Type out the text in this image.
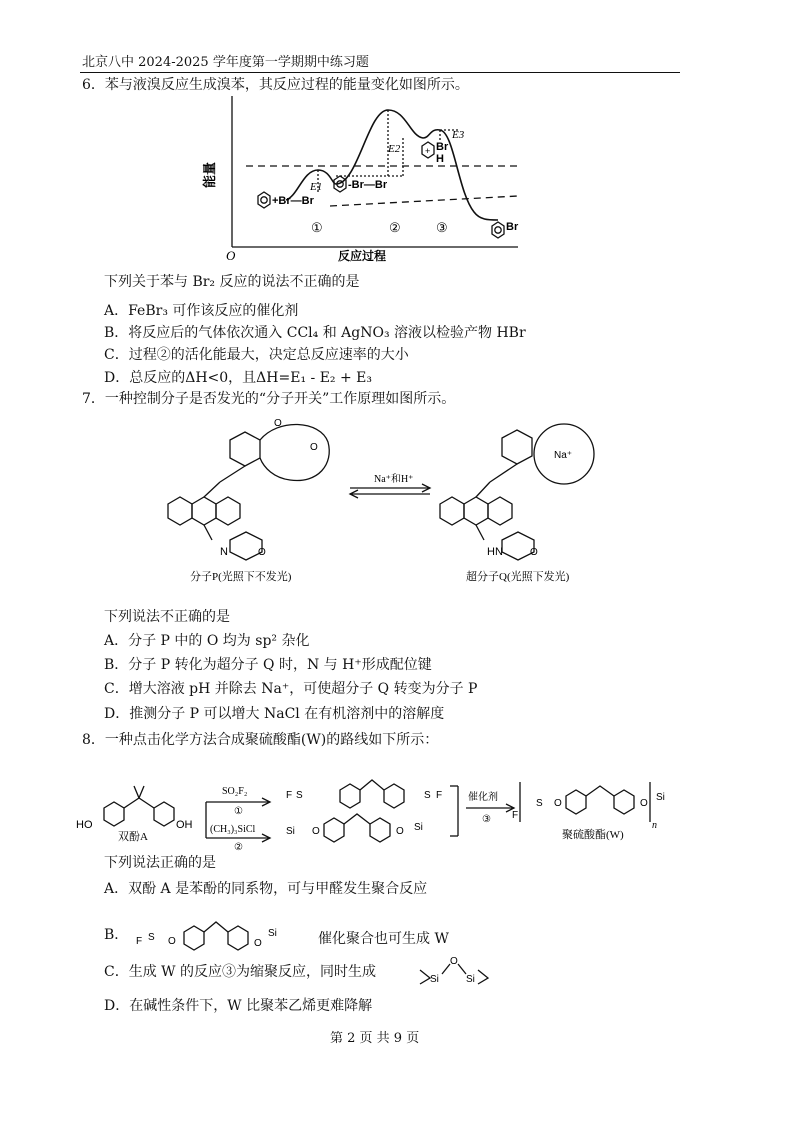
北京八中 2024-2025 学年度第一学期期中练习题
6．苯与液溴反应生成溴苯，其反应过程的能量变化如图所示。
能量
反应过程
O
①	②	③
E1
E2
E3
+Br—Br
-Br—Br
Br
H
+
Br
下列关于苯与 Br₂ 反应的说法不正确的是
A．FeBr₃ 可作该反应的催化剂
B．将反应后的气体依次通入 CCl₄ 和 AgNO₃ 溶液以检验产物 HBr
C．过程②的活化能最大，决定总反应速率的大小
D．总反应的ΔH<0，且ΔH=E₁ - E₂ + E₃
7．一种控制分子是否发光的“分子开关”工作原理如图所示。
Na⁺和H⁺
N	HN
Na⁺
O
O
O	O
分子P(光照下不发光)	超分子Q(光照下发光)
下列说法不正确的是
A．分子 P 中的 O 均为 sp² 杂化
B．分子 P 转化为超分子 Q 时，N 与 H⁺形成配位键
C．增大溶液 pH 并除去 Na⁺，可使超分子 Q 转变为分子 P
D．推测分子 P 可以增大 NaCl 在有机溶剂中的溶解度
8．一种点击化学方法合成聚硫酸酯(W)的路线如下所示：
HO	OH
双酚A
SO₂F₂
①
(CH₃)₃SiCl
②
S	S
F	F
Si O	O Si
催化剂
③ F
S O	O
Si
n
聚硫酸酯(W)
下列说法正确的是
A．双酚 A 是苯酚的同系物，可与甲醛发生聚合反应
B． F S O	O
Si	催化聚合也可生成 W
C．生成 W 的反应③为缩聚反应，同时生成	Si
O
Si
D．在碱性条件下，W 比聚苯乙烯更难降解
第 2 页 共 9 页
